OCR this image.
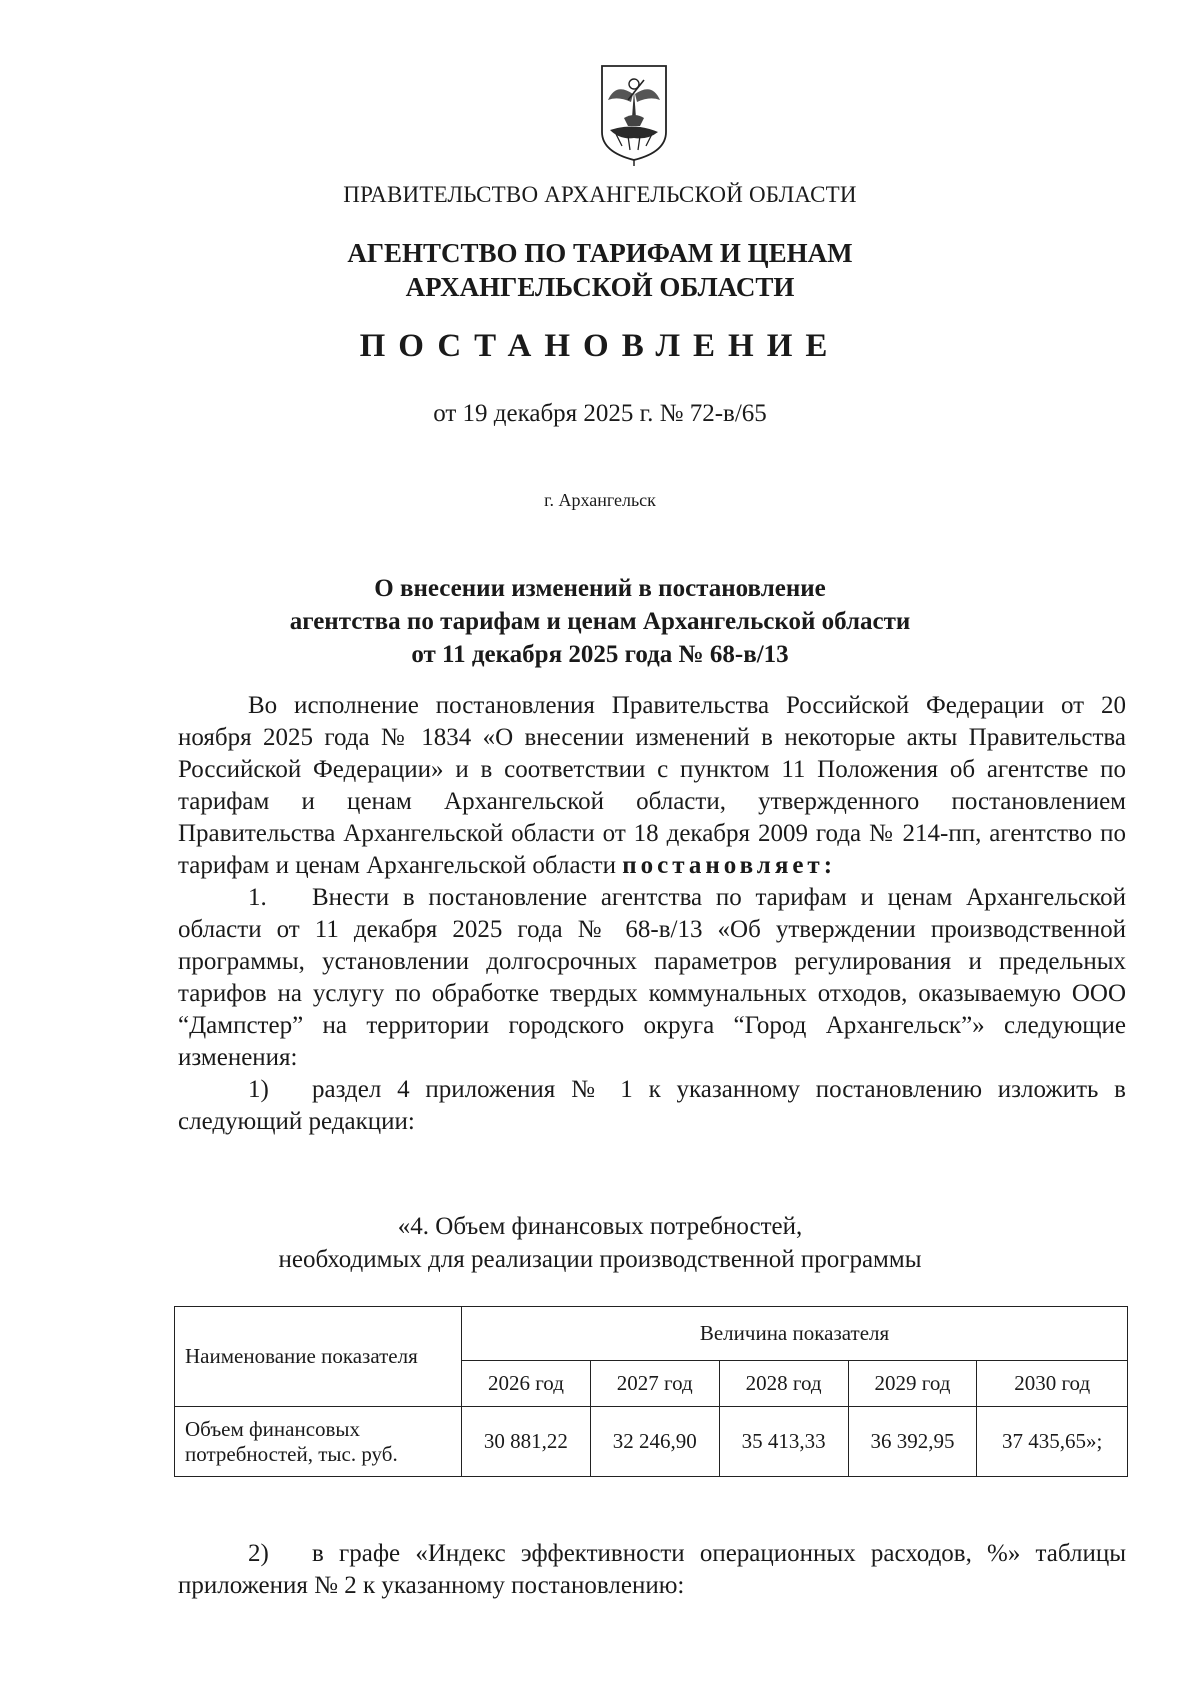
ПРАВИТЕЛЬСТВО АРХАНГЕЛЬСКОЙ ОБЛАСТИ
АГЕНТСТВО ПО ТАРИФАМ И ЦЕНАМ
АРХАНГЕЛЬСКОЙ ОБЛАСТИ
ПОСТАНОВЛЕНИЕ
от 19 декабря 2025 г. № 72-в/65
г. Архангельск
О внесении изменений в постановление
агентства по тарифам и ценам Архангельской области
от 11 декабря 2025 года № 68-в/13

Во исполнение постановления Правительства Российской Федерации от 20 ноября 2025 года № 1834 «О внесении изменений в некоторые акты Правительства Российской Федерации» и в соответствии с пунктом 11 Положения об агентстве по тарифам и ценам Архангельской области, утвержденного постановлением Правительства Архангельской области от 18 декабря 2009 года № 214-пп, агентство по тарифам и ценам Архангельской области постановляет:

1. Внести в постановление агентства по тарифам и ценам Архангельской области от 11 декабря 2025 года № 68-в/13 «Об утверждении производственной программы, установлении долгосрочных параметров регулирования и предельных тарифов на услугу по обработке твердых коммунальных отходов, оказываемую ООО “Дампстер” на территории городского округа “Город Архангельск”» следующие изменения:

1) раздел 4 приложения № 1 к указанному постановлению изложить в следующий редакции:

«4. Объем финансовых потребностей,
необходимых для реализации производственной программы
Наименование показателя	Величина показателя				
	2026 год	2027 год	2028 год	2029 год	2030 год
Объем финансовых потребностей, тыс. руб.	30 881,22	32 246,90	35 413,33	36 392,95	37 435,65»;

2) в графе «Индекс эффективности операционных расходов, %» таблицы приложения № 2 к указанному постановлению:
